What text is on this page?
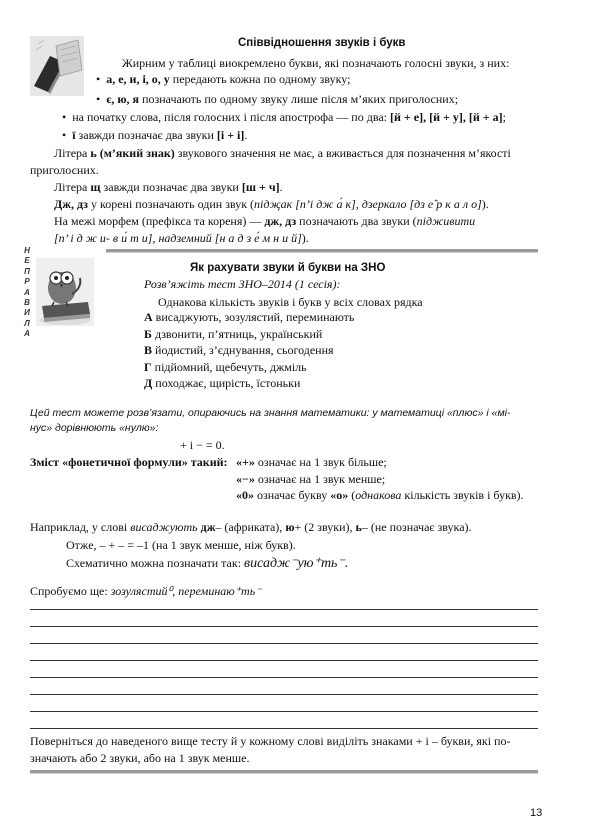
Співвідношення звуків і букв
Жирним у таблиці виокремлено букви, які позначають голосні звуки, з них:
• а, е, и, і, о, у передають кожна по одному звуку;
• є, ю, я позначають по одному звуку лише після м’яких приголосних;
• на початку слова, після голосних і після апострофа — по два: [й + е], [й + у], [й + а];
• ї завжди позначає два звуки [і + і].
Літера ь (м’який знак) звукового значення не має, а вживається для позначення м’якості
приголосних.
Літера щ завжди позначає два звуки [ш + ч].
Дж, дз у корені позначають один звук (підҗак [п’і дж а́ к], дзеркало [дз е̂ р к а л о]).
На межі морфем (префікса та кореня) — дж, дз позначають два звуки (підживити
[п’ і д ж и‑ в и́ т и], надземний [н а д з е́ м н и й]).
Н
Е
П
Р
А
В
И
Л
А
Як рахувати звуки й букви на ЗНО
Розв’яжіть тест ЗНО–2014 (1 сесія):
Однакова кількість звуків і букв у всіх словах рядка
А висаджують, зозулястий, переминають
Б дзвонити, п’ятниць, український
В йодистий, з’єднування, сьогодення
Г підйомний, щебечуть, джміль
Д походжає, щирість, їстоньки
Цей тест можете розв’язати, опираючись на знання математики: у математиці «плюс» і «мі-
нус» дорівнюють «нулю»:
+ і − = 0.
Зміст «фонетичної формули» такий: «+» означає на 1 звук більше;
«−» означає на 1 звук менше;
«0» означає букву «о» (однакова кількість звуків і букв).
Наприклад, у слові висаджують дж– (африката), ю+ (2 звуки), ь– (не позначає звука).
Отже, – + – = –1 (на 1 звук менше, ніж букв).
Схематично можна позначати так: висадж⁻ую⁺ть⁻.
Спробуємо ще: зозулястий⁰, переминаю⁺ть⁻
Поверніться до наведеного вище тесту й у кожному слові виділіть знаками + і – букви, які по-
значають або 2 звуки, або на 1 звук менше.
13
